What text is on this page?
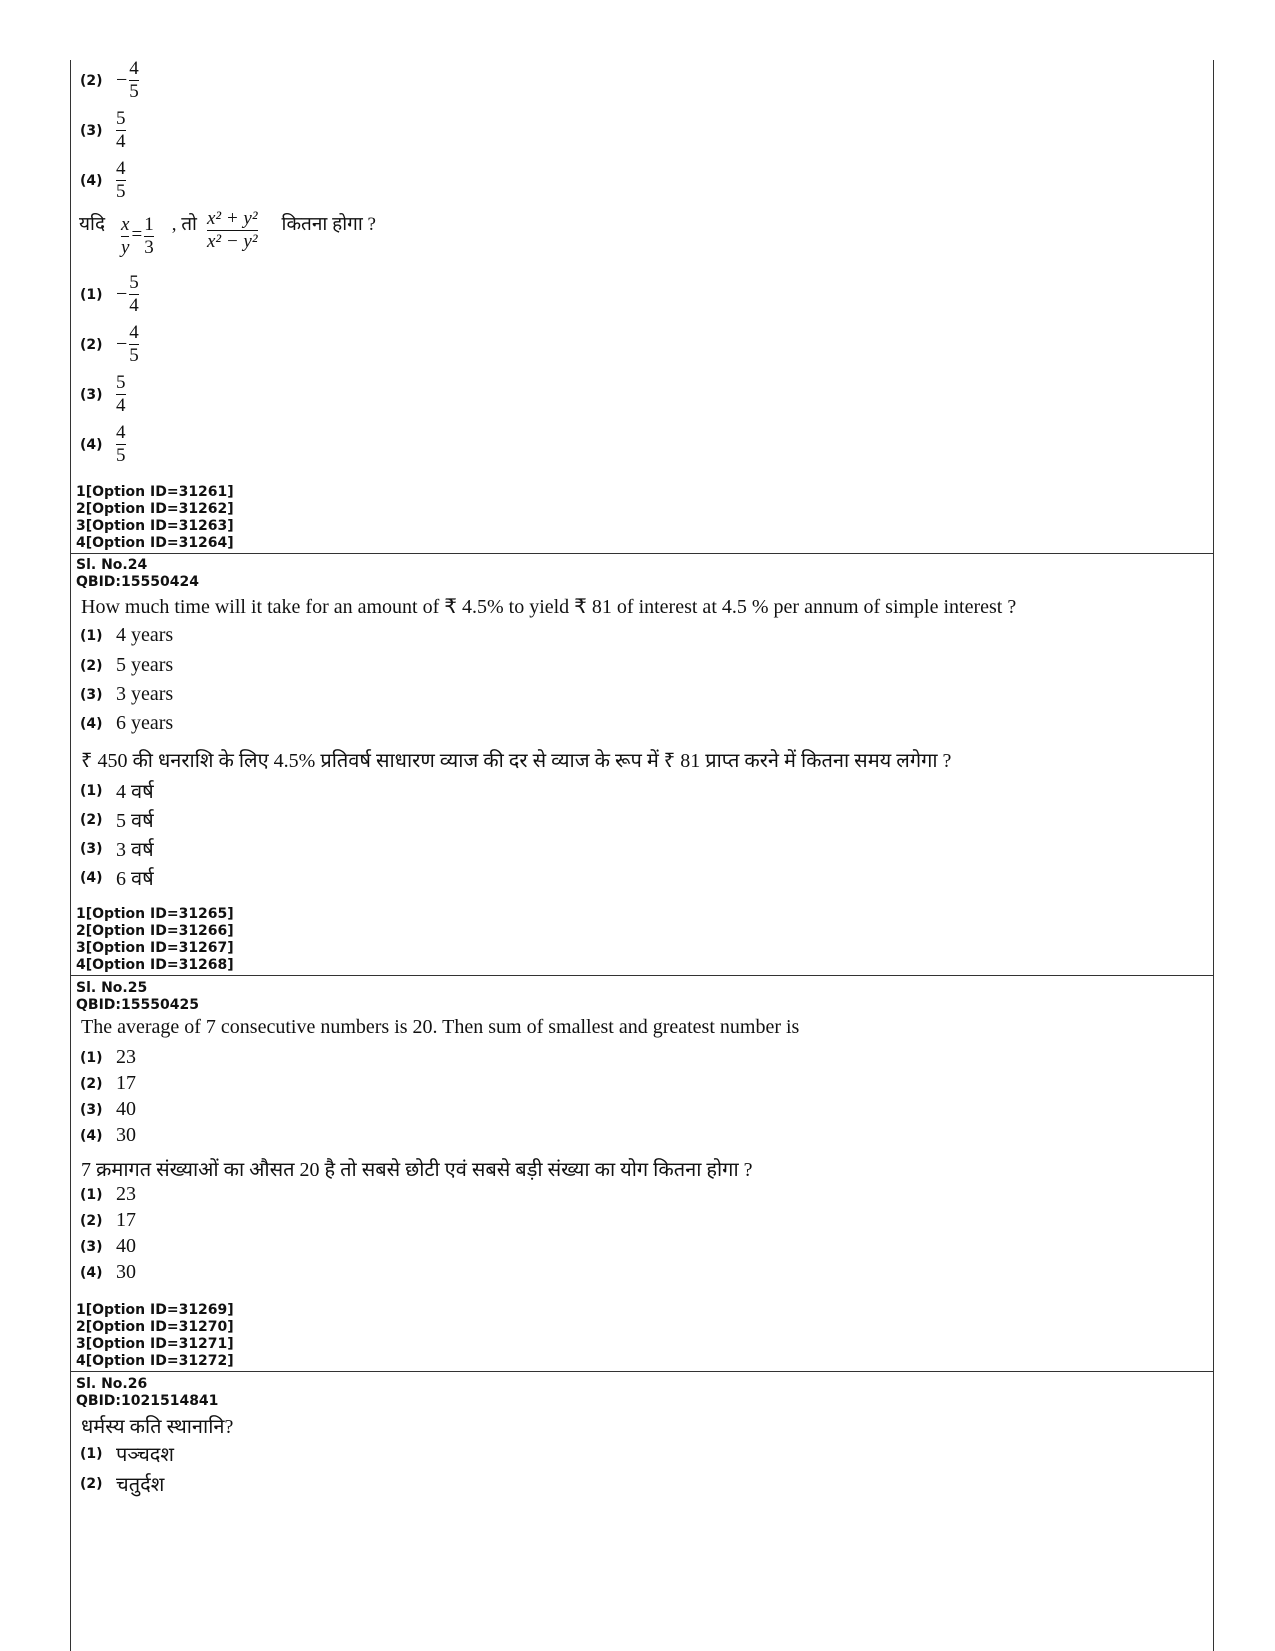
$(2) - \frac{4}{5}$
$(3) \frac{5}{4}$
$(4) \frac{4}{5}$
यदि $\frac{x}{y} = \frac{1}{3}$ , तो $\frac{\text{x² + y²}}{\text{x² − y²}}$ कितना होगा ?
$(1) - \frac{5}{4}$
$(2) - \frac{4}{5}$
$(3) \frac{5}{4}$
$(4) \frac{4}{5}$
1[Option ID=31261]
2[Option ID=31262]
3[Option ID=31263]
4[Option ID=31264]
Sl. No.24
QBID:15550424
How much time will it take for an amount of ₹ 4.5% to yield ₹ 81 of interest at 4.5 % per annum of simple interest ?
(1) 4 years
(2) 5 years
(3) 3 years
(4) 6 years
₹ 450 की धनराशि के लिए 4.5% प्रतिवर्ष साधारण व्याज की दर से व्याज के रूप में ₹ 81 प्राप्त करने में कितना समय लगेगा ?
(1) 4 वर्ष
(2) 5 वर्ष
(3) 3 वर्ष
(4) 6 वर्ष
1[Option ID=31265]
2[Option ID=31266]
3[Option ID=31267]
4[Option ID=31268]
Sl. No.25
QBID:15550425
The average of 7 consecutive numbers is 20. Then sum of smallest and greatest number is
(1) 23
(2) 17
(3) 40
(4) 30
7 क्रमागत संख्याओं का औसत 20 है तो सबसे छोटी एवं सबसे बड़ी संख्या का योग कितना होगा ?
(1) 23
(2) 17
(3) 40
(4) 30
1[Option ID=31269]
2[Option ID=31270]
3[Option ID=31271]
4[Option ID=31272]
Sl. No.26
QBID:1021514841
धर्मस्य कति स्थानानि?
(1) पञ्चदश
(2) चतुर्दश
